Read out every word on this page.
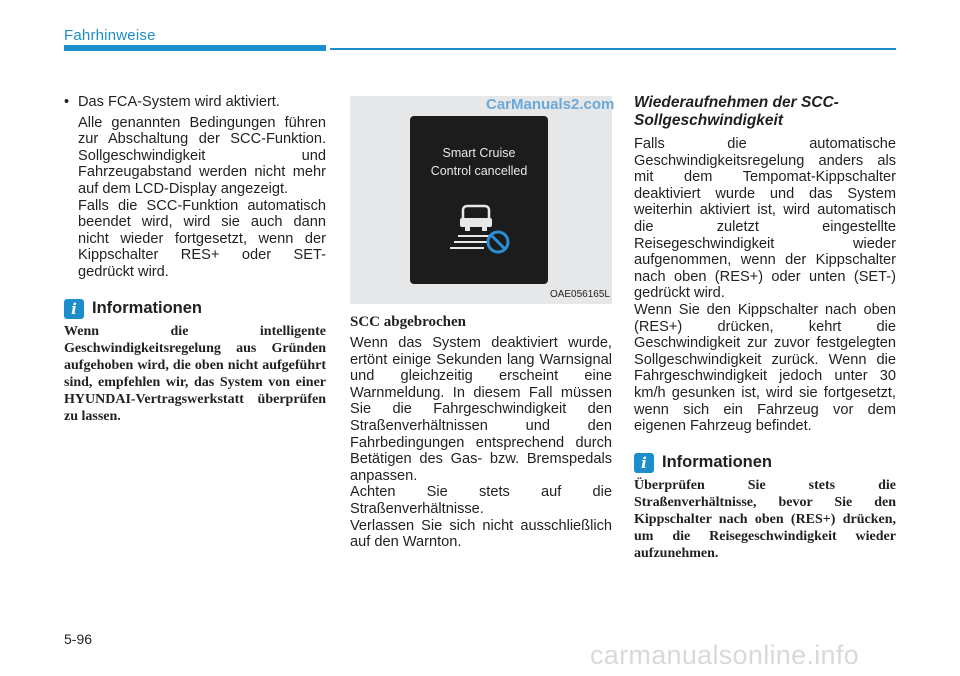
Fahrhinweise
• Das FCA-System wird aktiviert.

Alle genannten Bedingungen führen zur Abschaltung der SCC-Funktion. Sollgeschwindigkeit und Fahrzeugabstand werden nicht mehr auf dem LCD-Display angezeigt.

Falls die SCC-Funktion automatisch beendet wird, wird sie auch dann nicht wieder fortgesetzt, wenn der Kippschalter RES+ oder SET- gedrückt wird.

i Informationen

Wenn die intelligente Geschwindigkeitsregelung aus Gründen aufgehoben wird, die oben nicht aufgeführt sind, empfehlen wir, das System von einer HYUNDAI-Vertragswerkstatt überprüfen zu lassen.

CarManuals2.com
Smart Cruise
Control cancelled
OAE056165L
SCC abgebrochen

Wenn das System deaktiviert wurde, ertönt einige Sekunden lang Warnsignal und gleichzeitig erscheint eine Warnmeldung. In diesem Fall müssen Sie die Fahrgeschwindigkeit den Straßenverhältnissen und den Fahrbedingungen entsprechend durch Betätigen des Gas- bzw. Bremspedals anpassen.

Achten Sie stets auf die Straßenverhältnisse.

Verlassen Sie sich nicht ausschließlich auf den Warnton.

Wiederaufnehmen der SCC-Sollgeschwindigkeit

Falls die automatische Geschwindigkeitsregelung anders als mit dem Tempomat-Kippschalter deaktiviert wurde und das System weiterhin aktiviert ist, wird automatisch die zuletzt eingestellte Reisegeschwindigkeit wieder aufgenommen, wenn der Kippschalter nach oben (RES+) oder unten (SET-) gedrückt wird.

Wenn Sie den Kippschalter nach oben (RES+) drücken, kehrt die Geschwindigkeit zur zuvor festgelegten Sollgeschwindigkeit zurück. Wenn die Fahrgeschwindigkeit jedoch unter 30 km/h gesunken ist, wird sie fortgesetzt, wenn sich ein Fahrzeug vor dem eigenen Fahrzeug befindet.

i Informationen

Überprüfen Sie stets die Straßenverhältnisse, bevor Sie den Kippschalter nach oben (RES+) drücken, um die Reisegeschwindigkeit wieder aufzunehmen.

5-96
carmanualsonline.info
